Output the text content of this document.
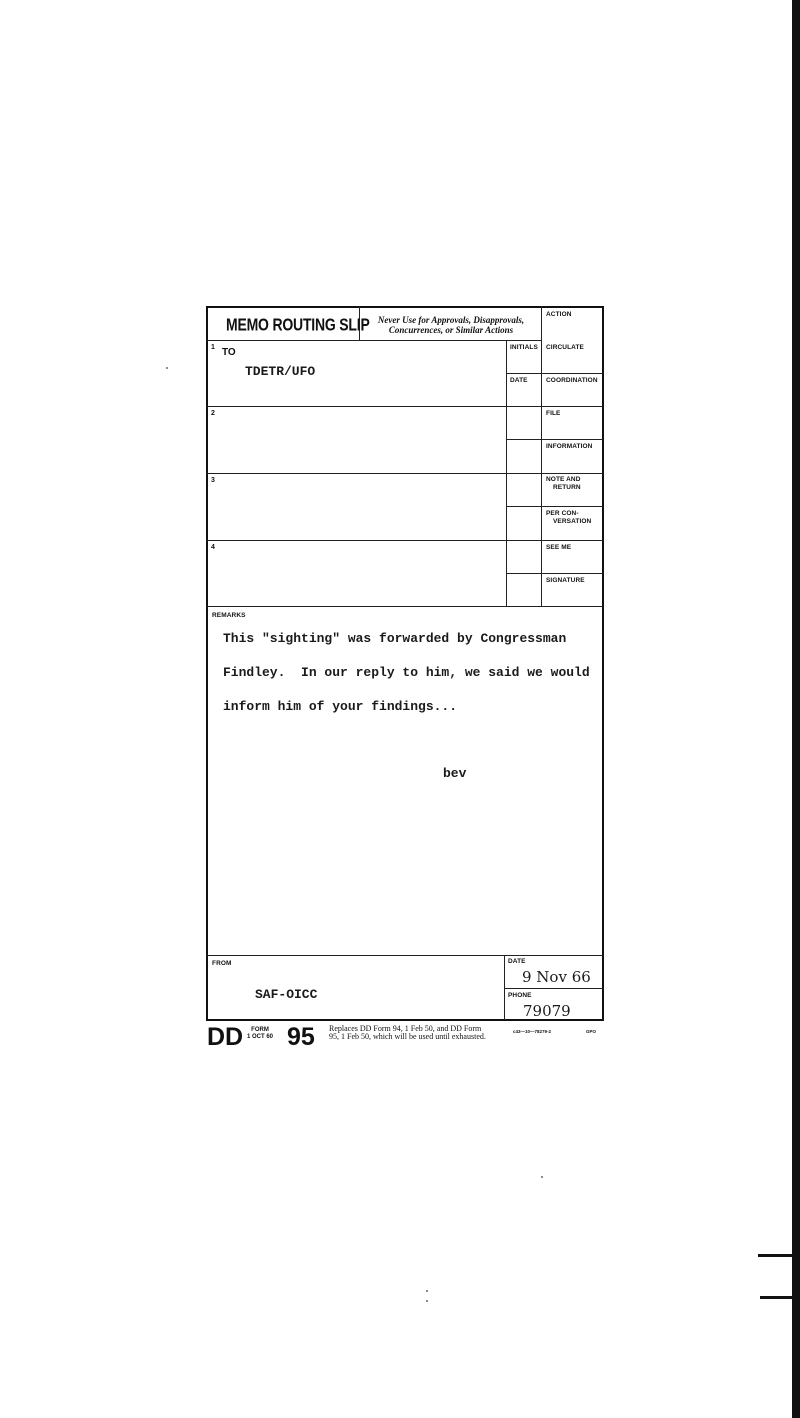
MEMO ROUTING SLIP Never Use for Approvals, Disapprovals,
Concurrences, or Similar Actions
ACTION
1 TO
TDETR/UFO
2
3
4
INITIALS
DATE
CIRCULATE
COORDINATION
FILE
INFORMATION
NOTE AND
RETURN
PER CON-
VERSATION
SEE ME
SIGNATURE
REMARKS
This "sighting" was forwarded by Congressman
Findley.  In our reply to him, we said we would
inform him of your findings...
bev
FROM
SAF-OICC
DATE
9 Nov 66
PHONE
79079
DD	FORM
1 OCT 60 95 Replaces DD Form 94, 1 Feb 50, and DD Form
95, 1 Feb 50, which will be used until exhausted.
c43—10—78279-2	GPO
